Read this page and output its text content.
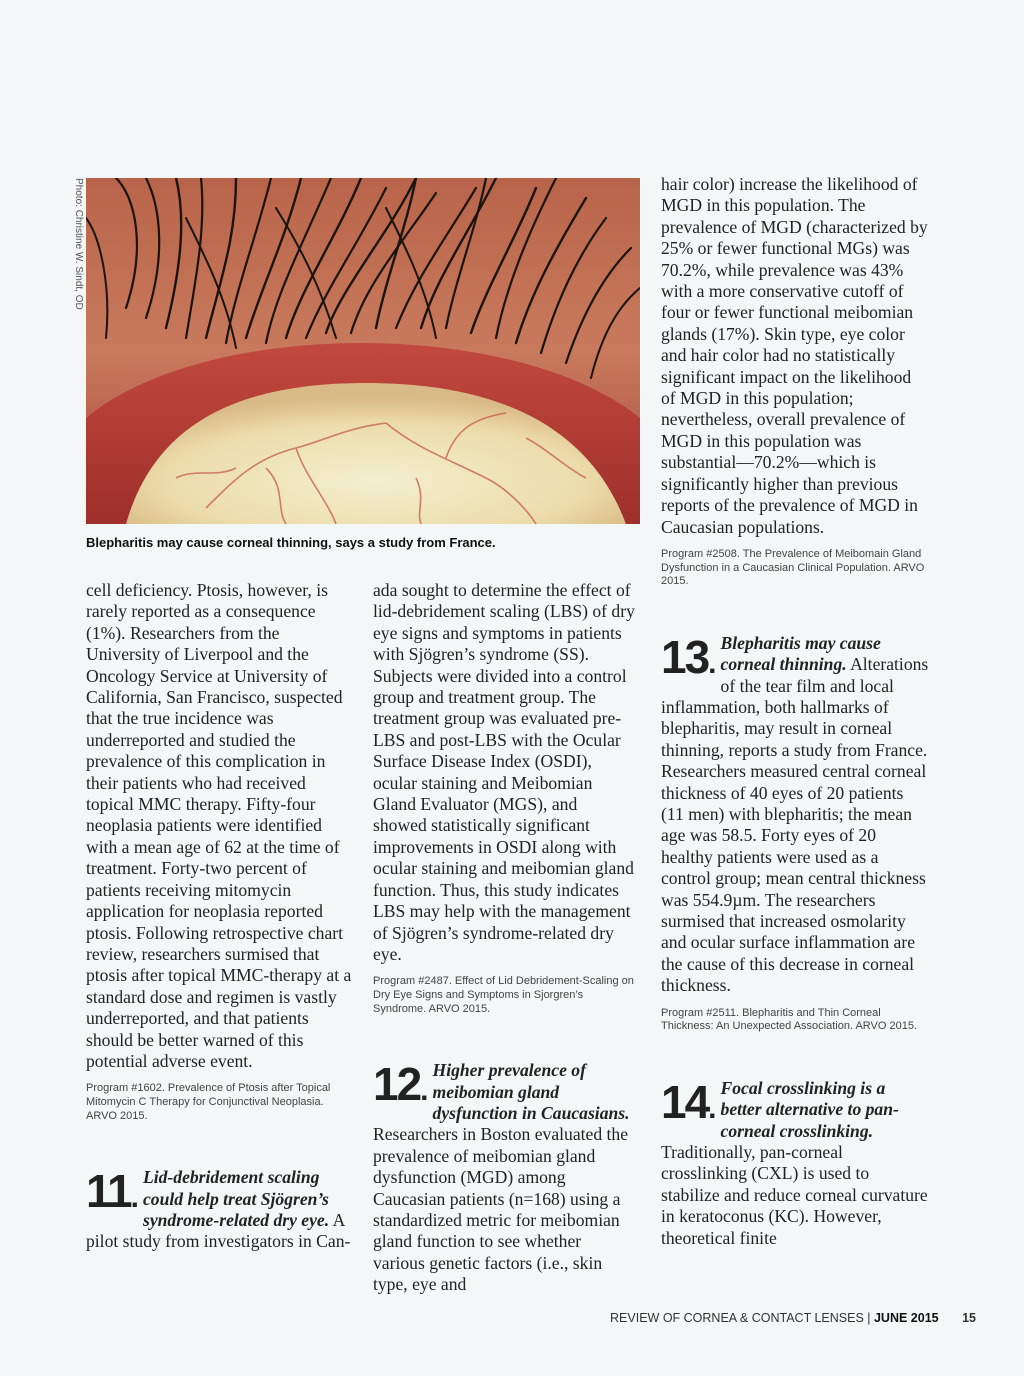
Photo: Christine W. Sindt, OD
Blepharitis may cause corneal thinning, says a study from France.

cell deficiency. Ptosis, however, is rarely reported as a consequence (1%). Researchers from the University of Liverpool and the Oncology Service at University of California, San Francisco, suspected that the true incidence was underreported and studied the prevalence of this complication in their patients who had received topical MMC therapy. Fifty-four neoplasia patients were identified with a mean age of 62 at the time of treatment. Forty-two percent of patients receiving mitomycin application for neoplasia reported ptosis. Following retrospective chart review, researchers surmised that ptosis after topical MMC-therapy at a standard dose and regimen is vastly underreported, and that patients should be better warned of this potential adverse event.

Program #1602. Prevalence of Ptosis after Topical Mitomycin C Therapy for Conjunctival Neoplasia. ARVO 2015.

11.
Lid-debridement scaling could help treat Sjögren’s syndrome-related dry eye. A pilot study from investigators in Can-

ada sought to determine the effect of lid-debridement scaling (LBS) of dry eye signs and symptoms in patients with Sjögren’s syndrome (SS). Subjects were divided into a control group and treatment group. The treatment group was evaluated pre-LBS and post-LBS with the Ocular Surface Disease Index (OSDI), ocular staining and Meibomian Gland Evaluator (MGS), and showed statistically significant improvements in OSDI along with ocular staining and meibomian gland function. Thus, this study indicates LBS may help with the management of Sjögren’s syndrome-related dry eye.

Program #2487. Effect of Lid Debridement-Scaling on Dry Eye Signs and Symptoms in Sjorgren’s Syndrome. ARVO 2015.

12.
Higher prevalence of meibomian gland dysfunction in Caucasians. Researchers in Boston evaluated the prevalence of meibomian gland dysfunction (MGD) among Caucasian patients (n=168) using a standardized metric for meibomian gland function to see whether various genetic factors (i.e., skin type, eye and

hair color) increase the likelihood of MGD in this population. The prevalence of MGD (characterized by 25% or fewer functional MGs) was 70.2%, while prevalence was 43% with a more conservative cutoff of four or fewer functional meibomian glands (17%). Skin type, eye color and hair color had no statistically significant impact on the likelihood of MGD in this population; nevertheless, overall prevalence of MGD in this population was substantial—70.2%—which is significantly higher than previous reports of the prevalence of MGD in Caucasian populations.

Program #2508. The Prevalence of Meibomain Gland Dysfunction in a Caucasian Clinical Population. ARVO 2015.

13.
Blepharitis may cause corneal thinning. Alterations of the tear film and local inflammation, both hallmarks of blepharitis, may result in corneal thinning, reports a study from France. Researchers measured central corneal thickness of 40 eyes of 20 patients (11 men) with blepharitis; the mean age was 58.5. Forty eyes of 20 healthy patients were used as a control group; mean central thickness was 554.9µm. The researchers surmised that increased osmolarity and ocular surface inflammation are the cause of this decrease in corneal thickness.

Program #2511. Blepharitis and Thin Corneal Thickness: An Unexpected Association. ARVO 2015.

14.
Focal crosslinking is a better alternative to pan-corneal crosslinking. Traditionally, pan-corneal crosslinking (CXL) is used to stabilize and reduce corneal curvature in keratoconus (KC). However, theoretical finite

REVIEW OF CORNEA & CONTACT LENSES | JUNE 2015 15
